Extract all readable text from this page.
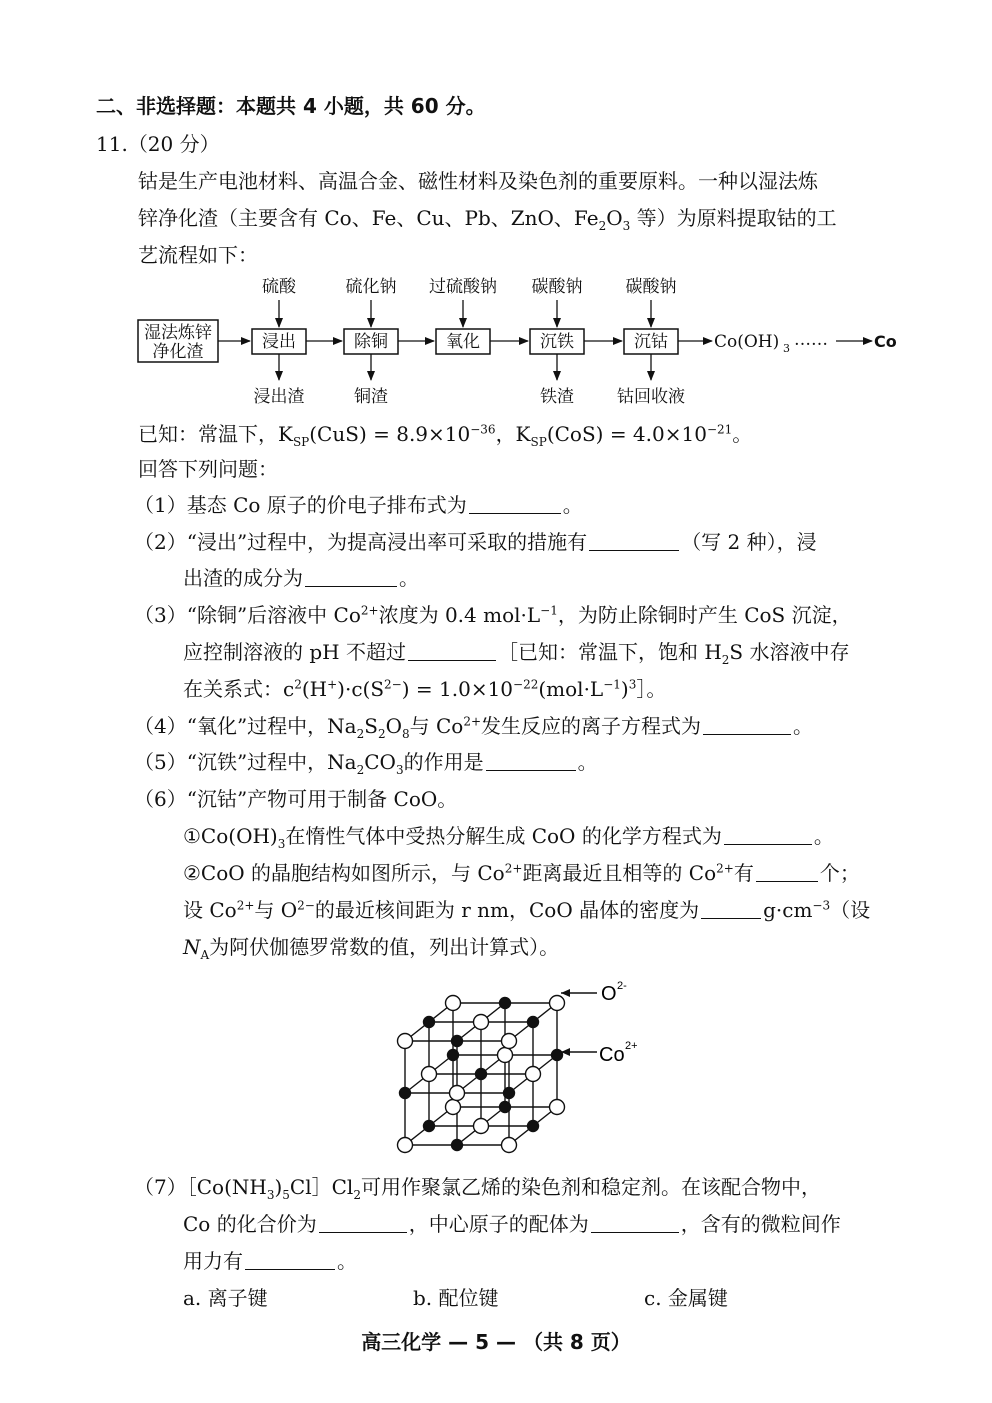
二、非选择题：本题共 4 小题，共 60 分。
11.（20 分）
钴是生产电池材料、高温合金、磁性材料及染色剂的重要原料。一种以湿法炼
锌净化渣（主要含有 Co、Fe、Cu、Pb、ZnO、$Fe_2O_3$ 等）为原料提取钴的工
艺流程如下：
湿法炼锌
净化渣	浸出
硫酸
浸出渣
除铜
硫化钠
铜渣
氧化
过硫酸钠
沉铁
碳酸钠
铁渣
沉钴
碳酸钠
钴回收液
Co(OH) 3 ……	Co
已知：常温下，$K_{SP}(CuS) = 8.9\times 10^{-36}$，$K_{SP}(CoS) = 4.0\times 10^{-21}$。
回答下列问题：
（1）基态 Co 原子的价电子排布式为	。
（2）“浸出”过程中，为提高浸出率可采取的措施有	（写 2 种），浸
出渣的成分为	。
（3）“除铜”后溶液中 $Co^{2+}$浓度为 0.4 $mol\cdot L^{-1}$，为防止除铜时产生 CoS 沉淀，
应控制溶液的 pH 不超过	［已知：常温下，饱和 $H_2S$ 水溶液中存
在关系式：$c^2(H^+)\cdot c(S^{2-})$ = $1.0\times 10^{-22}(mol\cdot L^{-1})^3]$。
（4）“氧化”过程中，$Na_2S_2O_8$与 $Co^{2+}$发生反应的离子方程式为	。
（5）“沉铁”过程中，$Na_2CO_3$的作用是	。
（6）“沉钴”产物可用于制备 CoO。
$①Co(OH)_3$在惰性气体中受热分解生成 CoO 的化学方程式为	。
②CoO 的晶胞结构如图所示，与 $Co^{2+}$距离最近且相等的 $Co^{2+}$有	个；
设 $Co^{2+}$与 $O^{2-}$的最近核间距为 r nm，CoO 晶体的密度为	$g\cdot cm^{-3}$（设
$N_A$为阿伏伽德罗常数的值，列出计算式）。
O 2-
Co 2+
$(7)[Co(NH_3)_5Cl]Cl_2$可用作聚氯乙烯的染色剂和稳定剂。在该配合物中，
Co 的化合价为	，中心原子的配体为	，含有的微粒间作
用力有	。
a. 离子键	b. 配位键	c. 金属键
高三化学 — 5 — （共 8 页）
